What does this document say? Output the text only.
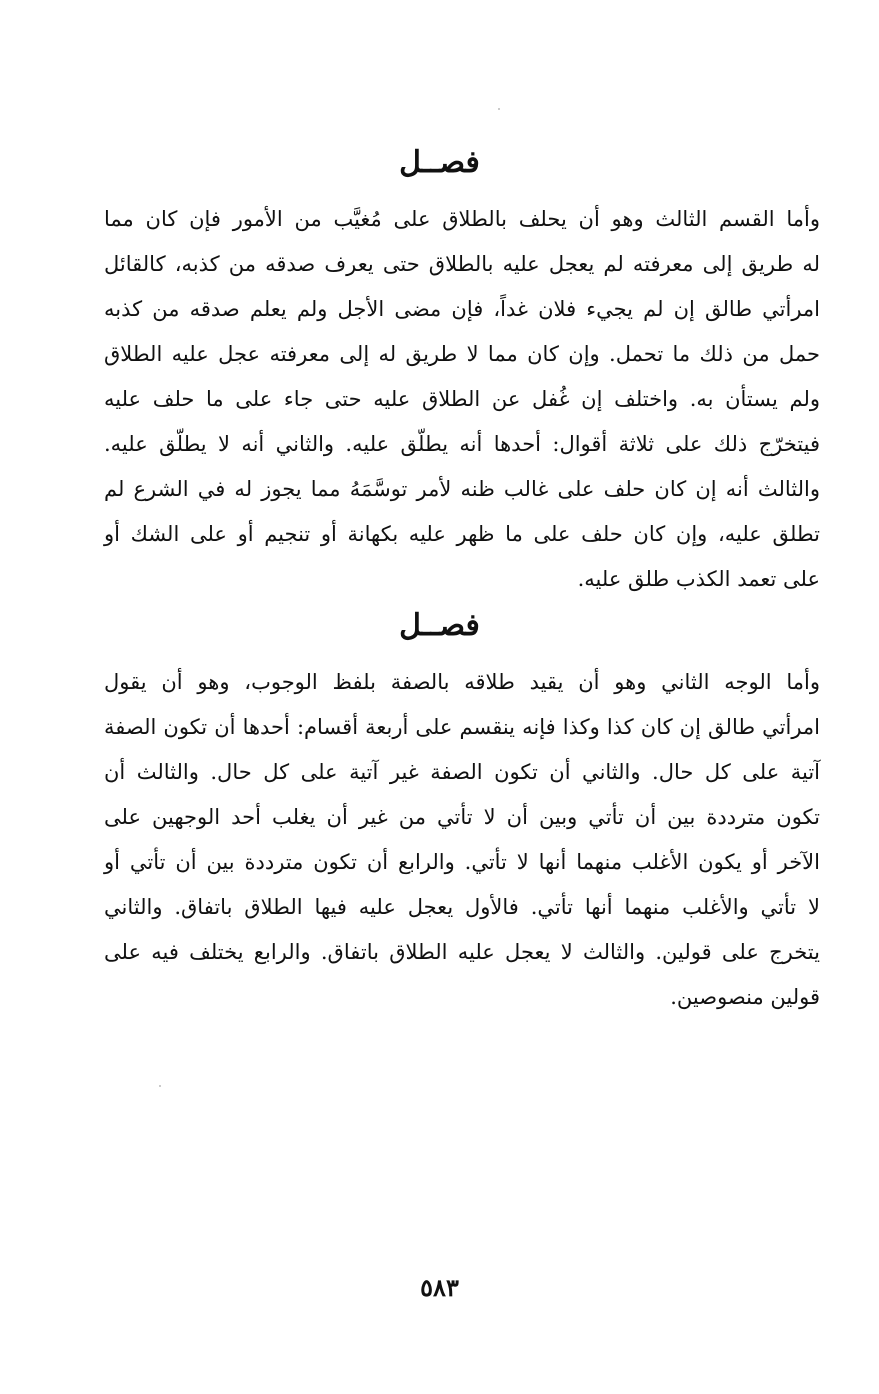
فصــل
وأما القسم الثالث وهو أن يحلف بالطلاق على مُغيَّب من الأمور فإن كان مما
له طريق إلى معرفته لم يعجل عليه بالطلاق حتى يعرف صدقه من كذبه، كالقائل
امرأتي طالق إن لم يجيء فلان غداً، فإن مضى الأجل ولم يعلم صدقه من كذبه
حمل من ذلك ما تحمل. وإن كان مما لا طريق له إلى معرفته عجل عليه الطلاق
ولم يستأن به. واختلف إن غُفل عن الطلاق عليه حتى جاء على ما حلف عليه
فيتخرّج ذلك على ثلاثة أقوال: أحدها أنه يطلّق عليه. والثاني أنه لا يطلّق عليه.
والثالث أنه إن كان حلف على غالب ظنه لأمر توسَّمَهُ مما يجوز له في الشرع لم
تطلق عليه، وإن كان حلف على ما ظهر عليه بكهانة أو تنجيم أو على الشك أو
على تعمد الكذب طلق عليه.
فصــل
وأما الوجه الثاني وهو أن يقيد طلاقه بالصفة بلفظ الوجوب، وهو أن يقول
امرأتي طالق إن كان كذا وكذا فإنه ينقسم على أربعة أقسام: أحدها أن تكون الصفة
آتية على كل حال. والثاني أن تكون الصفة غير آتية على كل حال. والثالث أن
تكون مترددة بين أن تأتي وبين أن لا تأتي من غير أن يغلب أحد الوجهين على
الآخر أو يكون الأغلب منهما أنها لا تأتي. والرابع أن تكون مترددة بين أن تأتي أو
لا تأتي والأغلب منهما أنها تأتي. فالأول يعجل عليه فيها الطلاق باتفاق. والثاني
يتخرج على قولين. والثالث لا يعجل عليه الطلاق باتفاق. والرابع يختلف فيه على
قولين منصوصين.
٥٨٣
